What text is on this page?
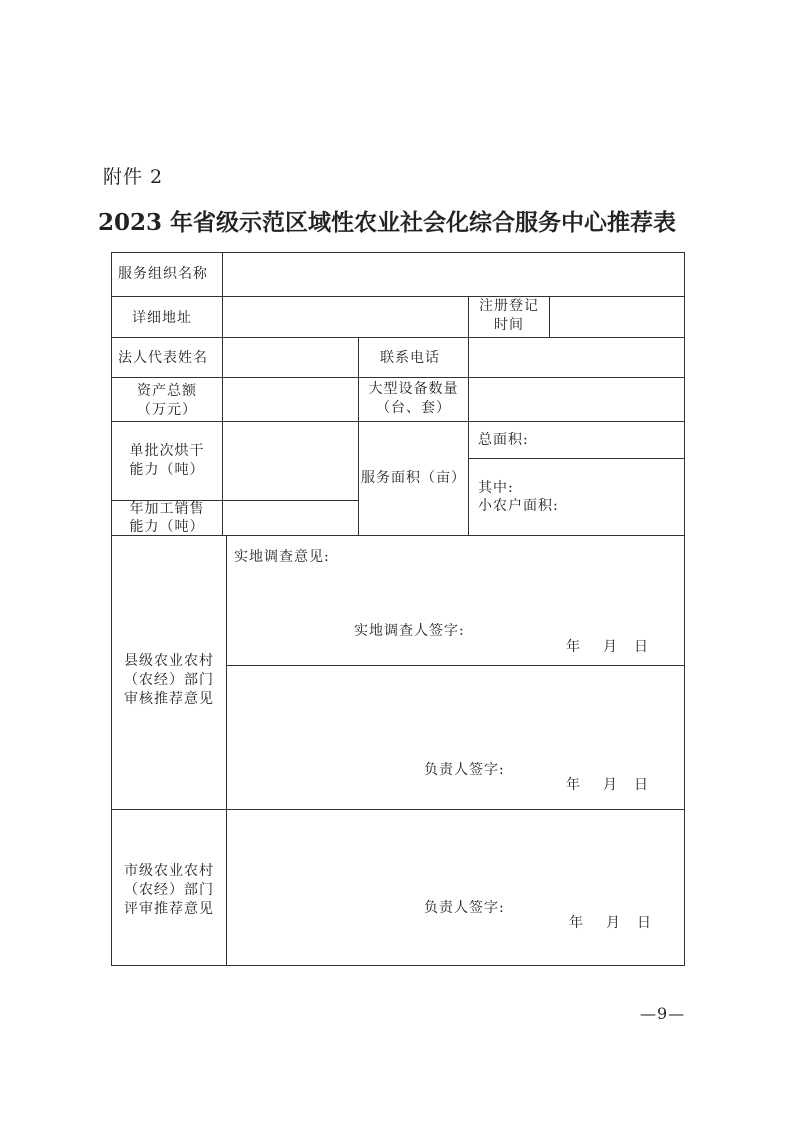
附件 2
2023 年省级示范区域性农业社会化综合服务中心推荐表
服务组织名称
详细地址
注册登记
时间
法人代表姓名	联系电话
资产总额
（万元）
大型设备数量
（台、套）
单批次烘干
能力（吨）
年加工销售
能力（吨）
服务面积（亩）
总面积:
其中:
小农户面积:
县级农业农村
（农经）部门
审核推荐意见
实地调查意见:
实地调查人签字:
年 月 日
负责人签字:
年 月 日
市级农业农村
（农经）部门
评审推荐意见	负责人签字:
年 月 日
—9—
